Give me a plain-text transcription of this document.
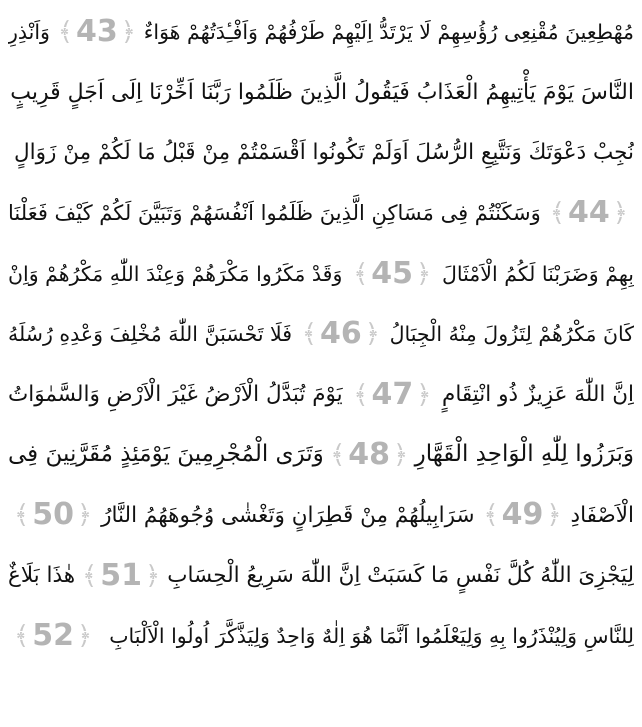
مُهْطِعِينَ مُقْنِعِى رُؤُسِهِمْ لَا يَرْتَدُّ اِلَيْهِمْ طَرْفُهُمْ وَاَفْـِٔدَتُهُمْ هَوَاءٌ
﴿
43
﴾
وَاَنْذِرِ
النَّاسَ يَوْمَ يَأْتِيهِمُ الْعَذَابُ فَيَقُولُ الَّذِينَ ظَلَمُوا رَبَّنَا اَخِّرْنَا اِلَى اَجَلٍ قَرِيبٍ
نُجِبْ دَعْوَتَكَ وَنَتَّبِعِ الرُّسُلَ اَوَلَمْ تَكُونُوا اَقْسَمْتُمْ مِنْ قَبْلُ مَا لَكُمْ مِنْ زَوَالٍ
﴿
44
﴾
وَسَكَنْتُمْ فِى مَسَاكِنِ الَّذِينَ ظَلَمُوا اَنْفُسَهُمْ وَتَبَيَّنَ لَكُمْ كَيْفَ فَعَلْنَا
بِهِمْ وَضَرَبْنَا لَكُمُ الْاَمْثَالَ
﴿
45
﴾
وَقَدْ مَكَرُوا مَكْرَهُمْ وَعِنْدَ اللّٰهِ مَكْرُهُمْ وَاِنْ
كَانَ مَكْرُهُمْ لِتَزُولَ مِنْهُ الْجِبَالُ
﴿
46
﴾
فَلَا تَحْسَبَنَّ اللّٰهَ مُخْلِفَ وَعْدِهِ رُسُلَهُ
اِنَّ اللّٰهَ عَزِيزٌ ذُو انْتِقَامٍ
﴿
47
﴾
يَوْمَ تُبَدَّلُ الْاَرْضُ غَيْرَ الْاَرْضِ وَالسَّمٰوَاتُ
وَبَرَزُوا لِلّٰهِ الْوَاحِدِ الْقَهَّارِ
﴿
48
﴾
وَتَرَى الْمُجْرِمِينَ يَوْمَئِذٍ مُقَرَّنِينَ فِى
الْاَصْفَادِ
﴿
49
﴾
سَرَابِيلُهُمْ مِنْ قَطِرَانٍ وَتَغْشٰى وُجُوهَهُمُ النَّارُ
﴿
50
﴾
لِيَجْزِىَ اللّٰهُ كُلَّ نَفْسٍ مَا كَسَبَتْ اِنَّ اللّٰهَ سَرِيعُ الْحِسَابِ
﴿
51
﴾
هٰذَا بَلَاغٌ
لِلنَّاسِ وَلِيُنْذَرُوا بِهِ وَلِيَعْلَمُوا اَنَّمَا هُوَ اِلٰهٌ وَاحِدٌ وَلِيَذَّكَّرَ اُولُوا الْاَلْبَابِ
﴿
52
﴾
